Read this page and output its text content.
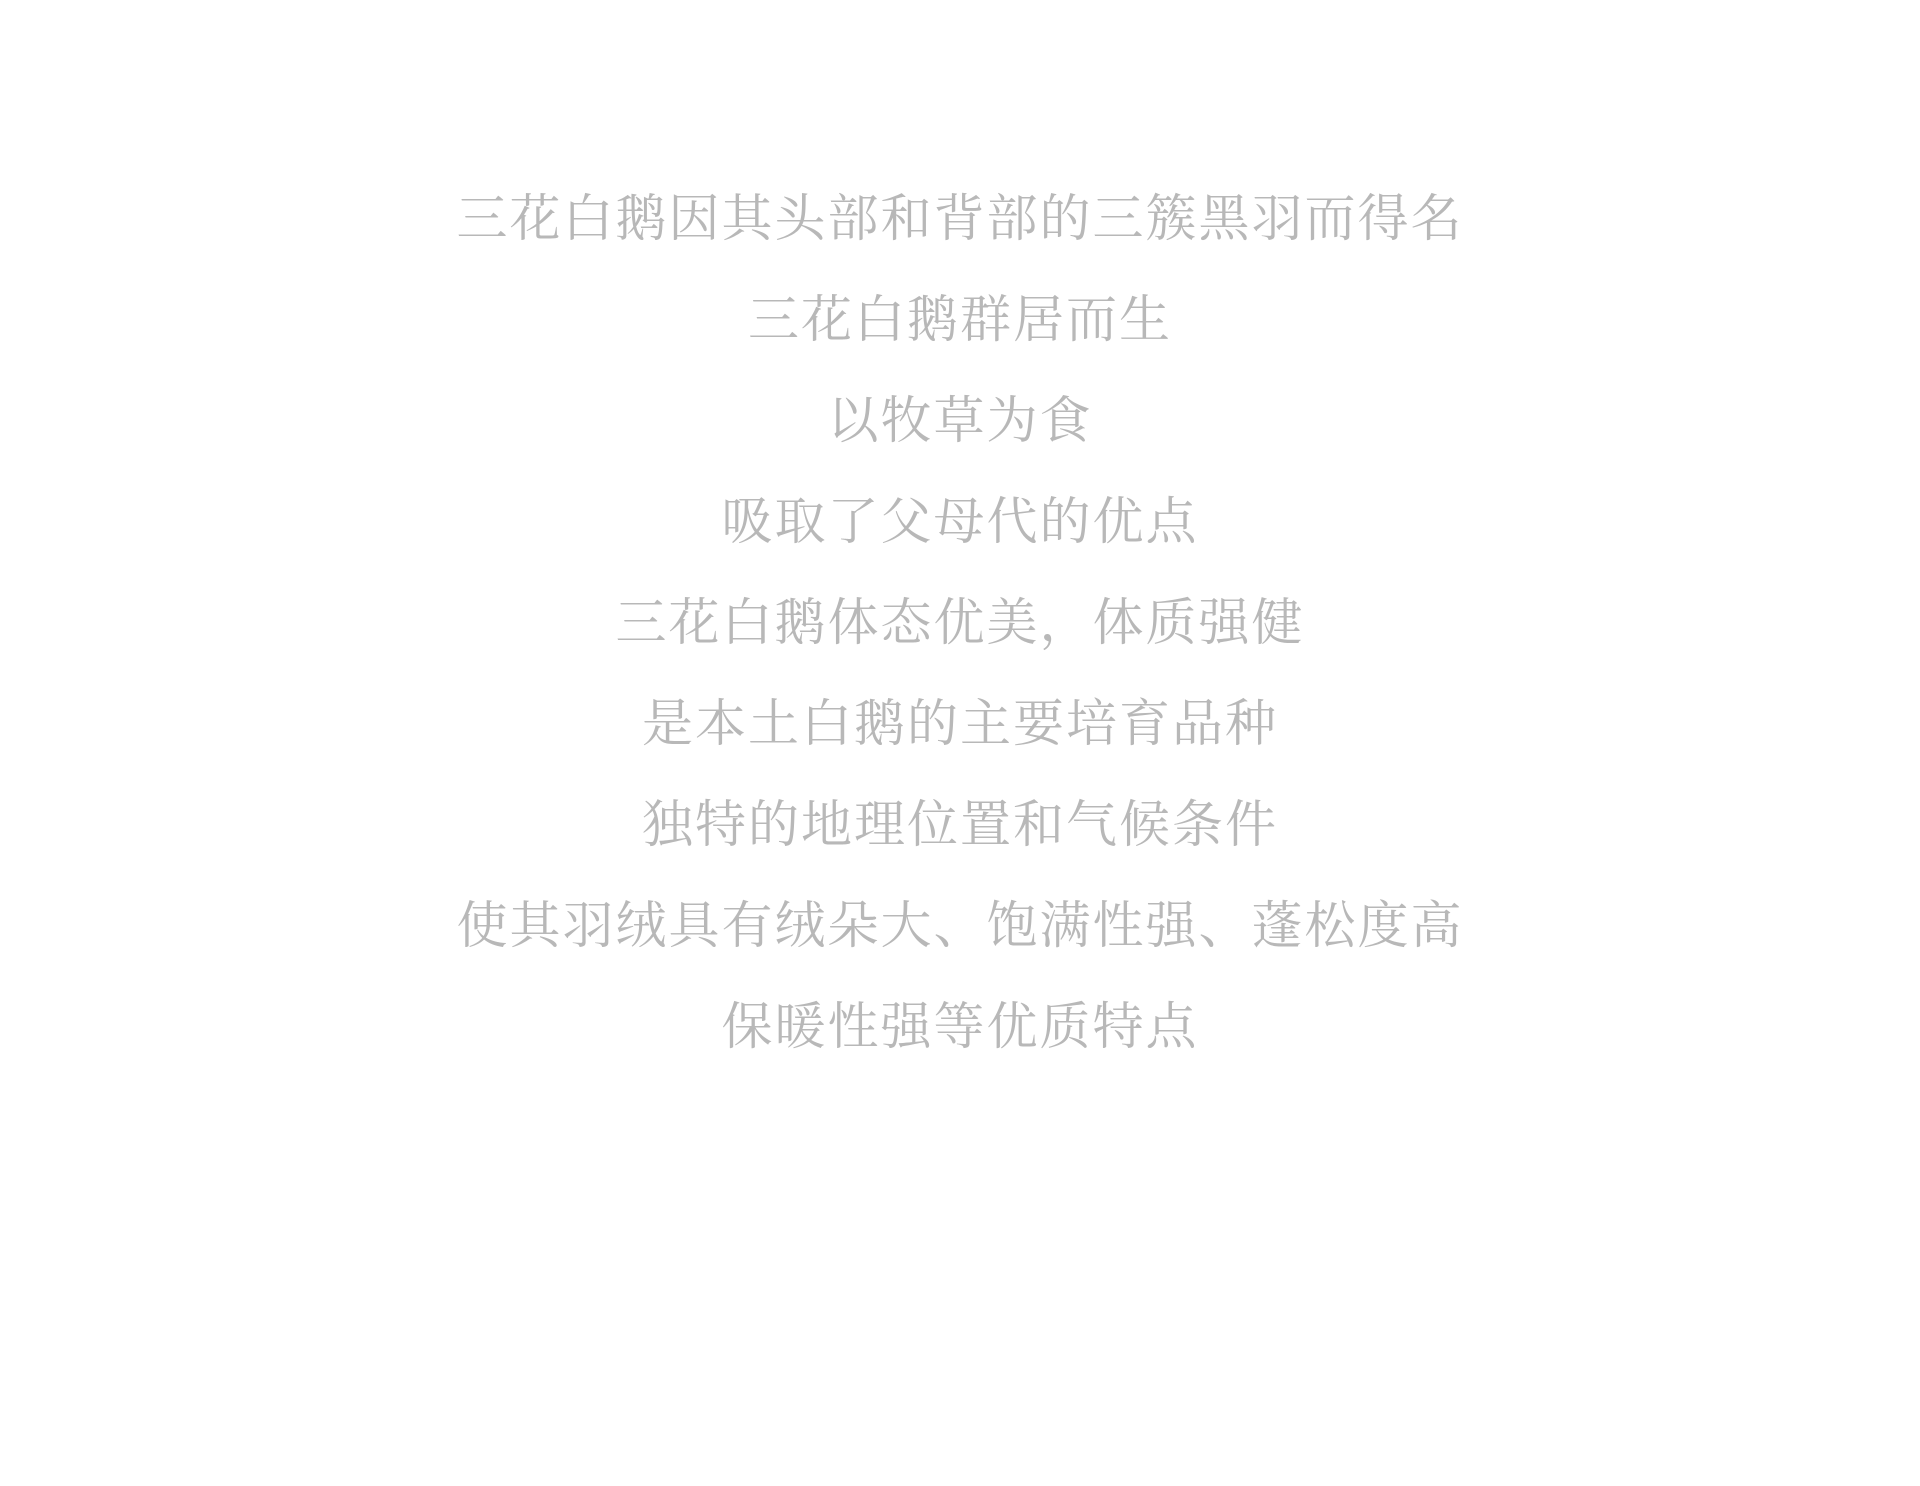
三花白鹅因其头部和背部的三簇黑羽而得名
三花白鹅群居而生
以牧草为食
吸取了父母代的优点
三花白鹅体态优美，体质强健
是本土白鹅的主要培育品种
独特的地理位置和气候条件
使其羽绒具有绒朵大、饱满性强、蓬松度高
保暖性强等优质特点
